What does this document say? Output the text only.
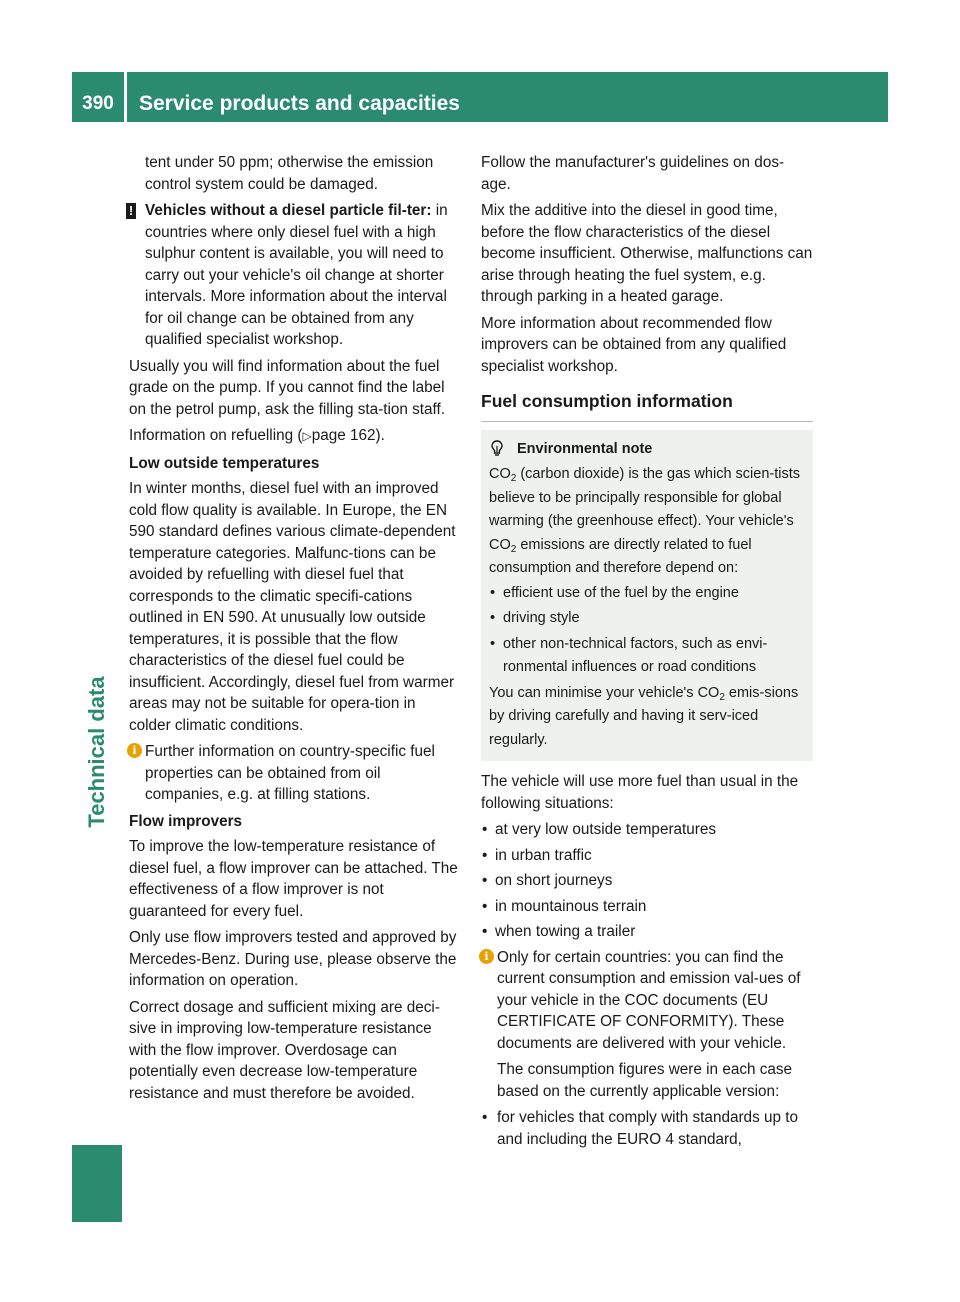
390	Service products and capacities
Technical data

tent under 50 ppm; otherwise the emission control system could be damaged.

! Vehicles without a diesel particle fil-ter: in countries where only diesel fuel with a high sulphur content is available, you will need to carry out your vehicle's oil change at shorter intervals. More information about the interval for oil change can be obtained from any qualified specialist workshop.

Usually you will find information about the fuel grade on the pump. If you cannot find the label on the petrol pump, ask the filling sta-tion staff.

Information on refuelling (▷page 162).

Low outside temperatures

In winter months, diesel fuel with an improved cold flow quality is available. In Europe, the EN 590 standard defines various climate-dependent temperature categories. Malfunc-tions can be avoided by refuelling with diesel fuel that corresponds to the climatic specifi-cations outlined in EN 590. At unusually low outside temperatures, it is possible that the flow characteristics of the diesel fuel could be insufficient. Accordingly, diesel fuel from warmer areas may not be suitable for opera-tion in colder climatic conditions.

i Further information on country-specific fuel properties can be obtained from oil companies, e.g. at filling stations.

Flow improvers

To improve the low-temperature resistance of diesel fuel, a flow improver can be attached. The effectiveness of a flow improver is not guaranteed for every fuel.

Only use flow improvers tested and approved by Mercedes-Benz. During use, please observe the information on operation.

Correct dosage and sufficient mixing are deci-sive in improving low-temperature resistance with the flow improver. Overdosage can potentially even decrease low-temperature resistance and must therefore be avoided.

Follow the manufacturer's guidelines on dos-age.

Mix the additive into the diesel in good time, before the flow characteristics of the diesel become insufficient. Otherwise, malfunctions can arise through heating the fuel system, e.g. through parking in a heated garage.

More information about recommended flow improvers can be obtained from any qualified specialist workshop.

Fuel consumption information
Environmental note

$CO_2$ (carbon dioxide) is the gas which scien-tists believe to be principally responsible for global warming (the greenhouse effect). Your vehicle's $CO_2$ emissions are directly related to fuel consumption and therefore depend on:

• efficient use of the fuel by the engine
• driving style
• other non-technical factors, such as envi-ronmental influences or road conditions

You can minimise your vehicle's $CO_2$ emis-sions by driving carefully and having it serv-iced regularly.

The vehicle will use more fuel than usual in the following situations:

• at very low outside temperatures
• in urban traffic
• on short journeys
• in mountainous terrain
• when towing a trailer

i Only for certain countries: you can find the current consumption and emission val-ues of your vehicle in the COC documents (EU CERTIFICATE OF CONFORMITY). These documents are delivered with your vehicle.

The consumption figures were in each case based on the currently applicable version:

• for vehicles that comply with standards up to and including the EURO 4 standard,
